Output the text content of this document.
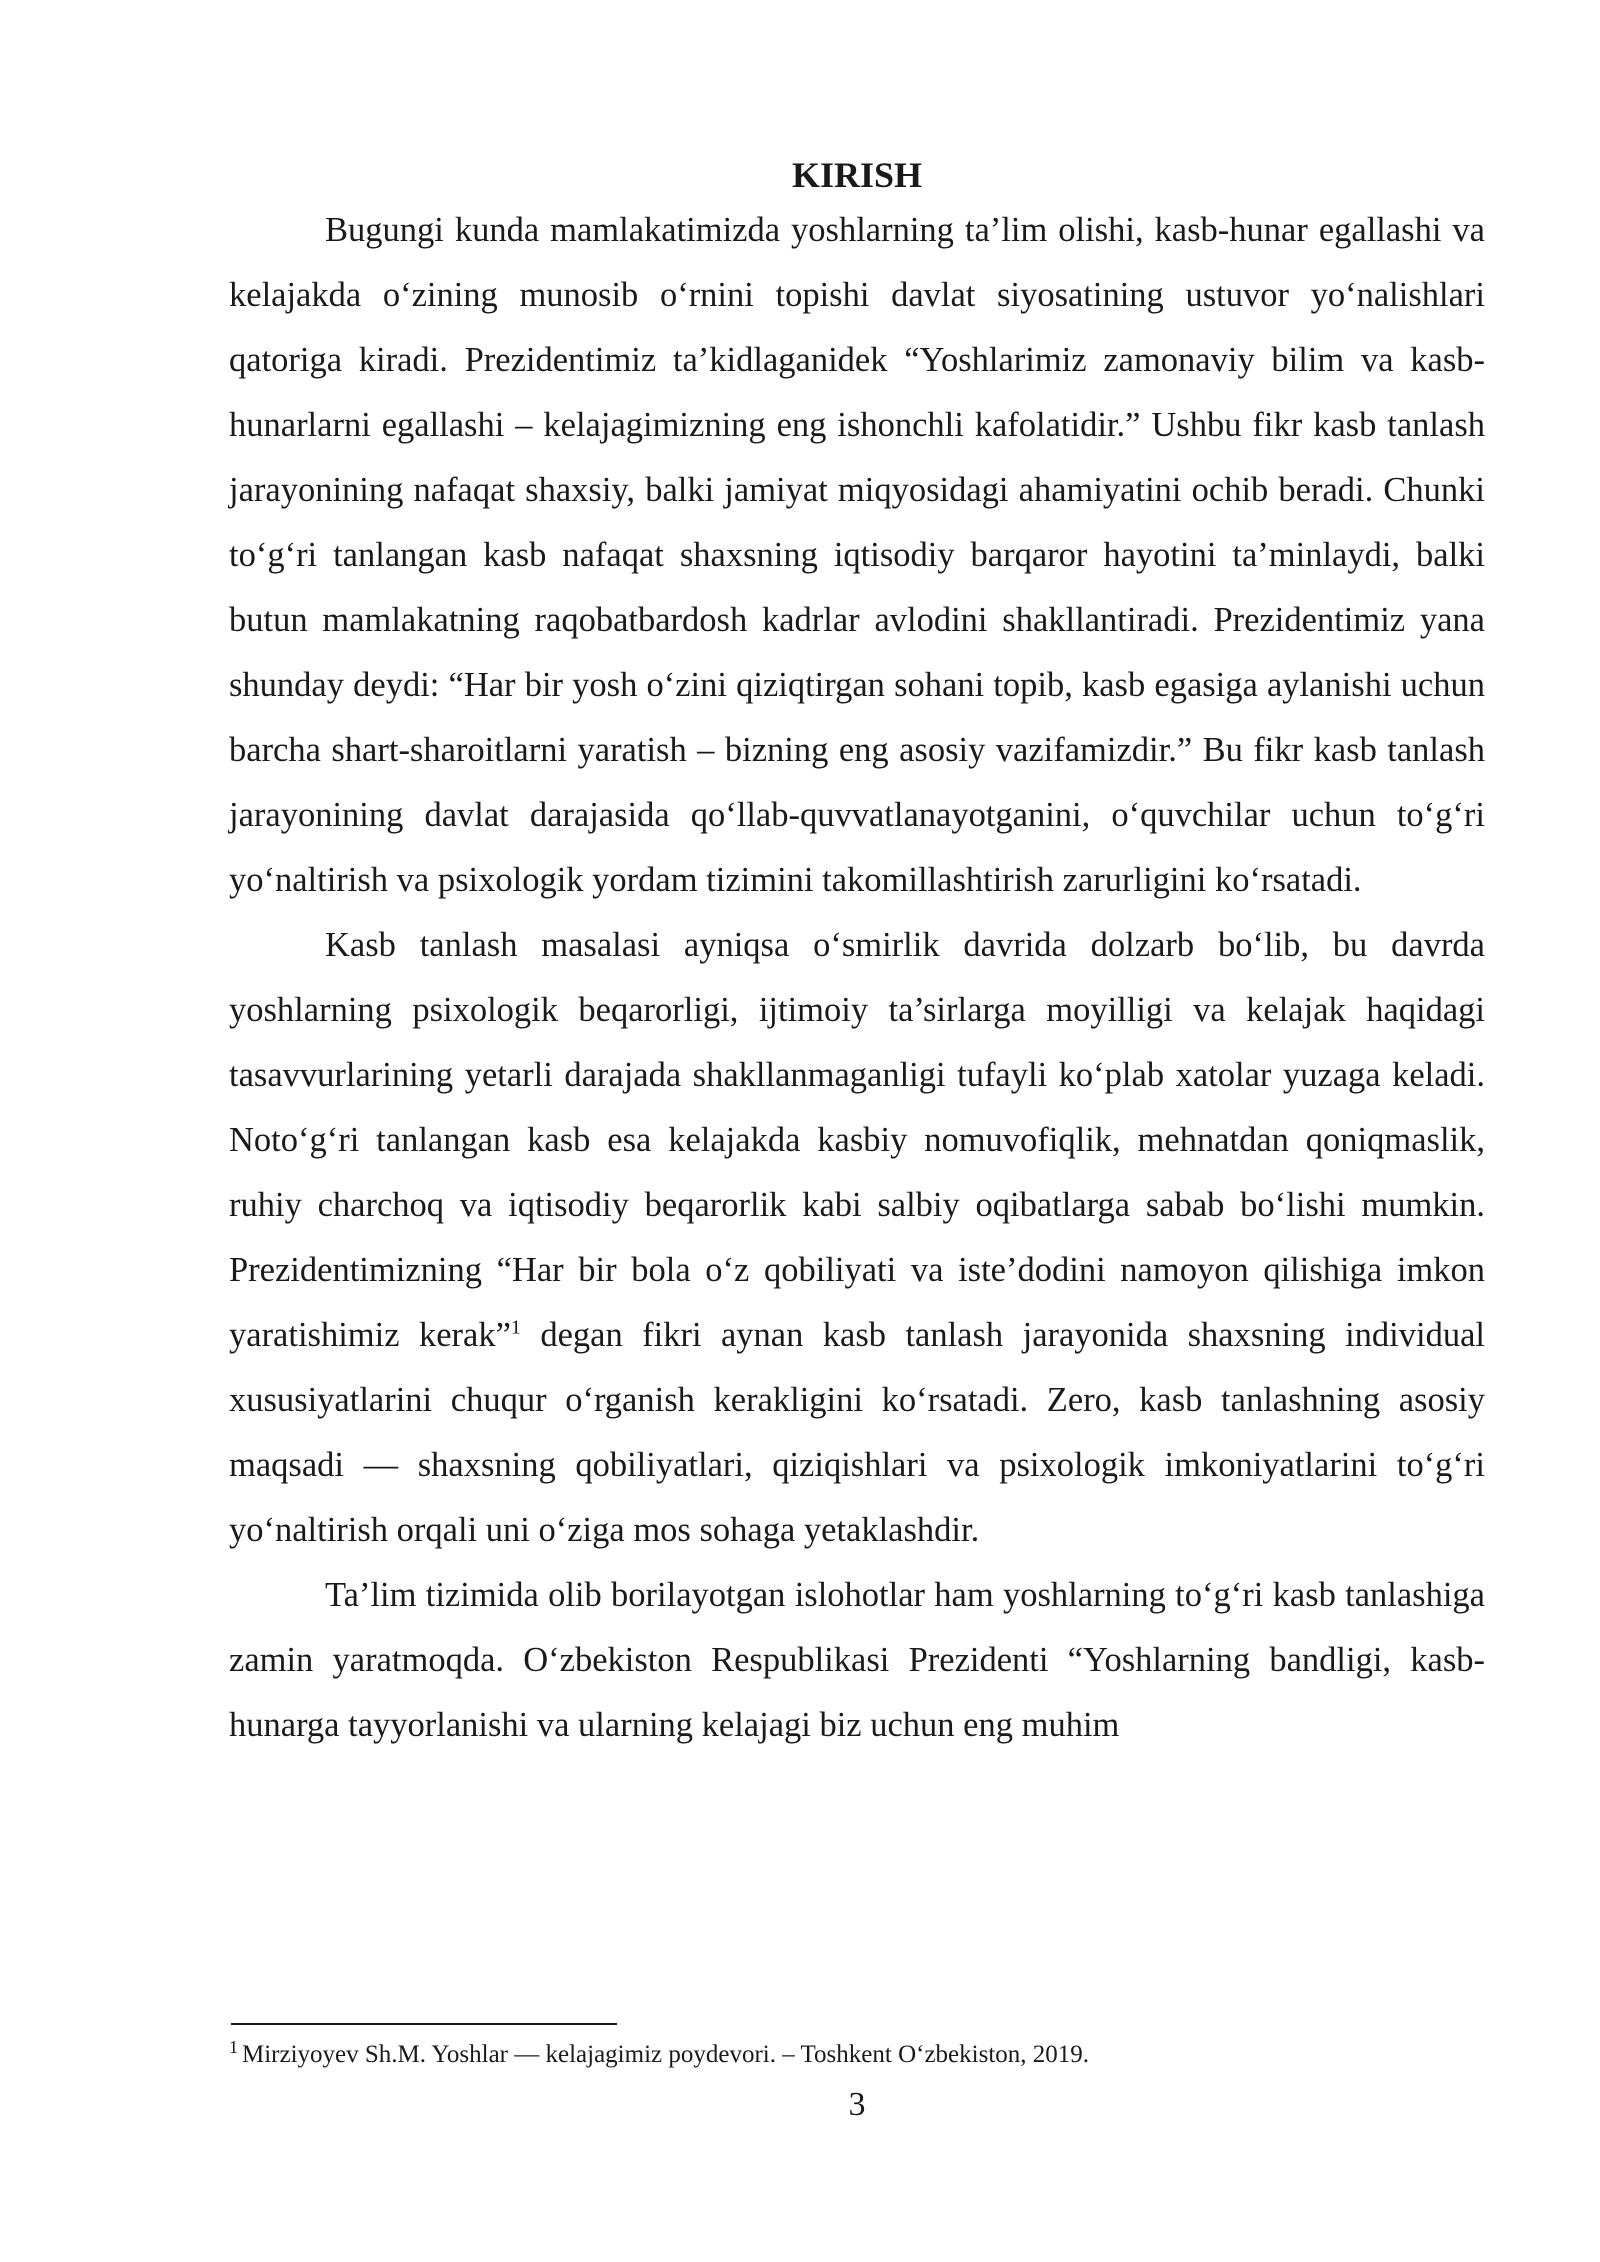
KIRISH

Bugungi kunda mamlakatimizda yoshlarning ta’lim olishi, kasb-hunar egallashi va kelajakda o‘zining munosib o‘rnini topishi davlat siyosatining ustuvor yo‘nalishlari qatoriga kiradi. Prezidentimiz ta’kidlaganidek “Yoshlarimiz zamonaviy bilim va kasb-hunarlarni egallashi – kelajagimizning eng ishonchli kafolatidir.” Ushbu fikr kasb tanlash jarayonining nafaqat shaxsiy, balki jamiyat miqyosidagi ahamiyatini ochib beradi. Chunki to‘g‘ri tanlangan kasb nafaqat shaxsning iqtisodiy barqaror hayotini ta’minlaydi, balki butun mamlakatning raqobatbardosh kadrlar avlodini shakllantiradi. Prezidentimiz yana shunday deydi: “Har bir yosh o‘zini qiziqtirgan sohani topib, kasb egasiga aylanishi uchun barcha shart-sharoitlarni yaratish – bizning eng asosiy vazifamizdir.” Bu fikr kasb tanlash jarayonining davlat darajasida qo‘llab-quvvatlanayotganini, o‘quvchilar uchun to‘g‘ri yo‘naltirish va psixologik yordam tizimini takomillashtirish zarurligini ko‘rsatadi.

Kasb tanlash masalasi ayniqsa o‘smirlik davrida dolzarb bo‘lib, bu davrda yoshlarning psixologik beqarorligi, ijtimoiy ta’sirlarga moyilligi va kelajak haqidagi tasavvurlarining yetarli darajada shakllanmaganligi tufayli ko‘plab xatolar yuzaga keladi. Noto‘g‘ri tanlangan kasb esa kelajakda kasbiy nomuvofiqlik, mehnatdan qoniqmaslik, ruhiy charchoq va iqtisodiy beqarorlik kabi salbiy oqibatlarga sabab bo‘lishi mumkin. Prezidentimizning “Har bir bola o‘z qobiliyati va iste’dodini namoyon qilishiga imkon yaratishimiz kerak”$^1$ degan fikri aynan kasb tanlash jarayonida shaxsning individual xususiyatlarini chuqur o‘rganish kerakligini ko‘rsatadi. Zero, kasb tanlashning asosiy maqsadi — shaxsning qobiliyatlari, qiziqishlari va psixologik imkoniyatlarini to‘g‘ri yo‘naltirish orqali uni o‘ziga mos sohaga yetaklashdir.

Ta’lim tizimida olib borilayotgan islohotlar ham yoshlarning to‘g‘ri kasb tanlashiga zamin yaratmoqda. O‘zbekiston Respublikasi Prezidenti “Yoshlarning bandligi, kasb-hunarga tayyorlanishi va ularning kelajagi biz uchun eng muhim

$^1$ Mirziyoyev Sh.M. Yoshlar — kelajagimiz poydevori. – Toshkent O‘zbekiston, 2019.

3
